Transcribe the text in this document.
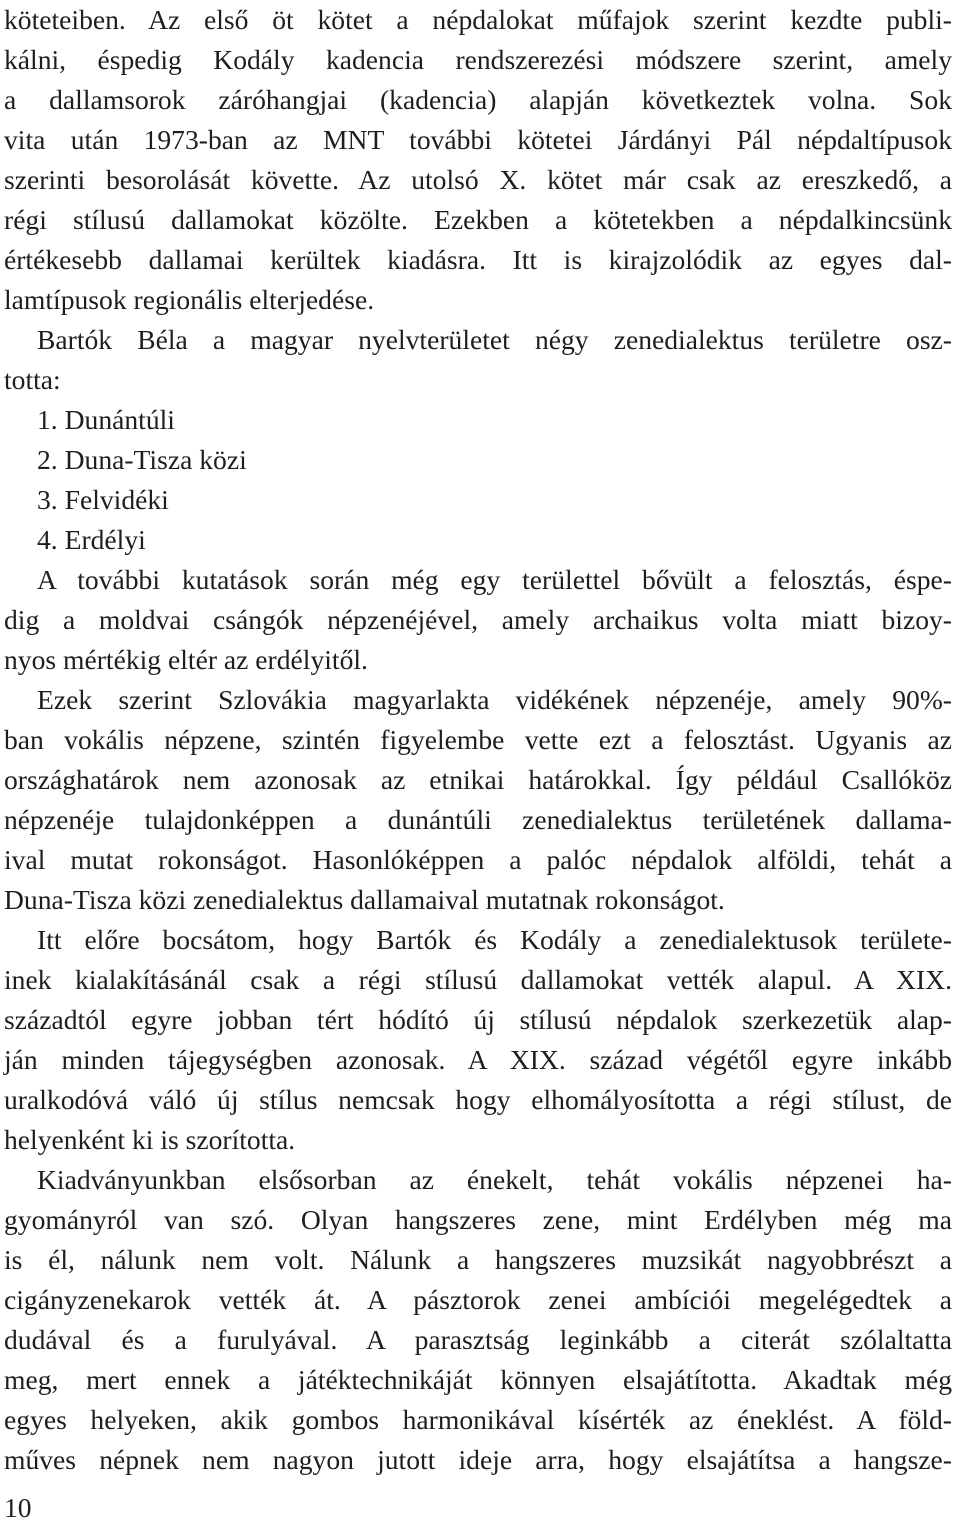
köteteiben. Az első öt kötet a népdalokat műfajok szerint kezdte publi-
kálni, éspedig Kodály kadencia rendszerezési módszere szerint, amely
a dallamsorok záróhangjai (kadencia) alapján következtek volna. Sok
vita után 1973-ban az MNT további kötetei Járdányi Pál népdaltípusok
szerinti besorolását követte. Az utolsó X. kötet már csak az ereszkedő, a
régi stílusú dallamokat közölte. Ezekben a kötetekben a népdalkincsünk
értékesebb dallamai kerültek kiadásra. Itt is kirajzolódik az egyes dal-
lamtípusok regionális elterjedése.
Bartók Béla a magyar nyelvterületet négy zenedialektus területre osz-
totta:
1. Dunántúli
2. Duna-Tisza közi
3. Felvidéki
4. Erdélyi
A további kutatások során még egy területtel bővült a felosztás, éspe-
dig a moldvai csángók népzenéjével, amely archaikus volta miatt bizoy-
nyos mértékig eltér az erdélyitől.
Ezek szerint Szlovákia magyarlakta vidékének népzenéje, amely 90%-
ban vokális népzene, szintén figyelembe vette ezt a felosztást. Ugyanis az
országhatárok nem azonosak az etnikai határokkal. Így például Csallóköz
népzenéje tulajdonképpen a dunántúli zenedialektus területének dallama-
ival mutat rokonságot. Hasonlóképpen a palóc népdalok alföldi, tehát a
Duna-Tisza közi zenedialektus dallamaival mutatnak rokonságot.
Itt előre bocsátom, hogy Bartók és Kodály a zenedialektusok területe-
inek kialakításánál csak a régi stílusú dallamokat vették alapul. A XIX.
századtól egyre jobban tért hódító új stílusú népdalok szerkezetük alap-
ján minden tájegységben azonosak. A XIX. század végétől egyre inkább
uralkodóvá váló új stílus nemcsak hogy elhomályosította a régi stílust, de
helyenként ki is szorította.
Kiadványunkban elsősorban az énekelt, tehát vokális népzenei ha-
gyományról van szó. Olyan hangszeres zene, mint Erdélyben még ma
is él, nálunk nem volt. Nálunk a hangszeres muzsikát nagyobbrészt a
cigányzenekarok vették át. A pásztorok zenei ambíciói megelégedtek a
dudával és a furulyával. A parasztság leginkább a citerát szólaltatta
meg, mert ennek a játéktechnikáját könnyen elsajátította. Akadtak még
egyes helyeken, akik gombos harmonikával kísérték az éneklést. A föld-
műves népnek nem nagyon jutott ideje arra, hogy elsajátítsa a hangsze-
10
